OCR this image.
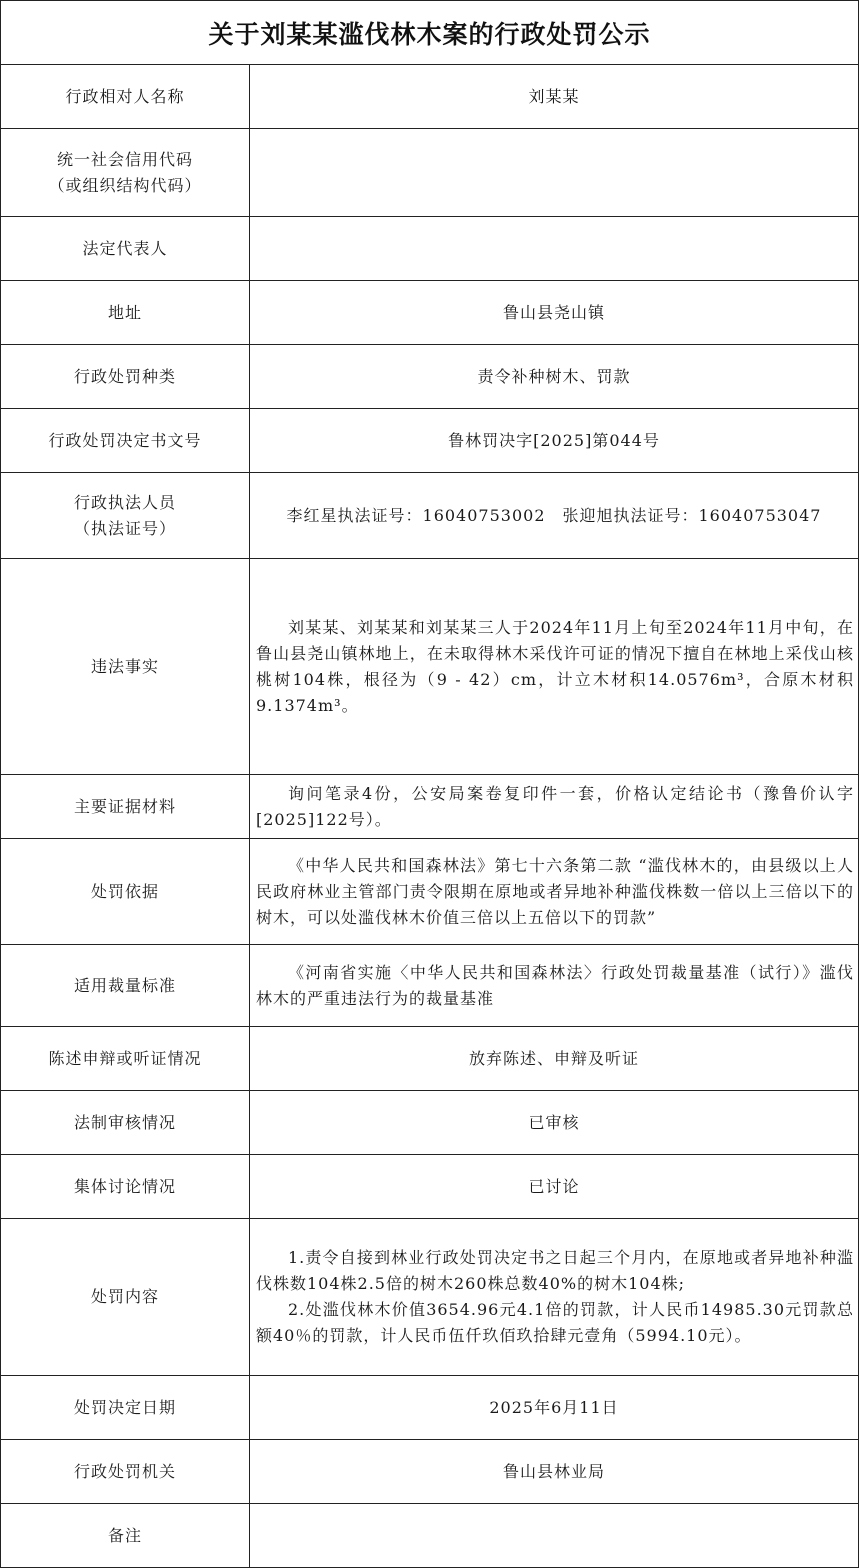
关于刘某某滥伐林木案的行政处罚公示
行政相对人名称	刘某某

统一社会信用代码
（或组织结构代码）	

法定代表人	
地址	鲁山县尧山镇
行政处罚种类	责令补种树木、罚款
行政处罚决定书文号	鲁林罚决字[2025]第044号

行政执法人员
（执法证号）	李红星执法证号：16040753002　张迎旭执法证号：16040753047
违法事实	刘某某、刘某某和刘某某三人于2024年11月上旬至2024年11月中旬，在鲁山县尧山镇林地上，在未取得林木采伐许可证的情况下擅自在林地上采伐山核桃树104株，根径为（9 - 42）cm，计立木材积14.0576m³，合原木材积9.1374m³。

主要证据材料	询问笔录4份，公安局案卷复印件一套，价格认定结论书（豫鲁价认字[2025]122号）。

处罚依据	《中华人民共和国森林法》第七十六条第二款 “滥伐林木的，由县级以上人民政府林业主管部门责令限期在原地或者异地补种滥伐株数一倍以上三倍以下的树木，可以处滥伐林木价值三倍以上五倍以下的罚款”

适用裁量标准	《河南省实施〈中华人民共和国森林法〉行政处罚裁量基准（试行）》滥伐林木的严重违法行为的裁量基准

陈述申辩或听证情况	放弃陈述、申辩及听证
法制审核情况	已审核
集体讨论情况	已讨论
处罚内容	1.责令自接到林业行政处罚决定书之日起三个月内，在原地或者异地补种滥伐株数104株2.5倍的树木260株总数40%的树木104株;

2.处滥伐林木价值3654.96元4.1倍的罚款，计人民币14985.30元罚款总额40％的罚款，计人民币伍仟玖佰玖拾肆元壹角（5994.10元）。

处罚决定日期	2025年6月11日
行政处罚机关	鲁山县林业局
备注	
